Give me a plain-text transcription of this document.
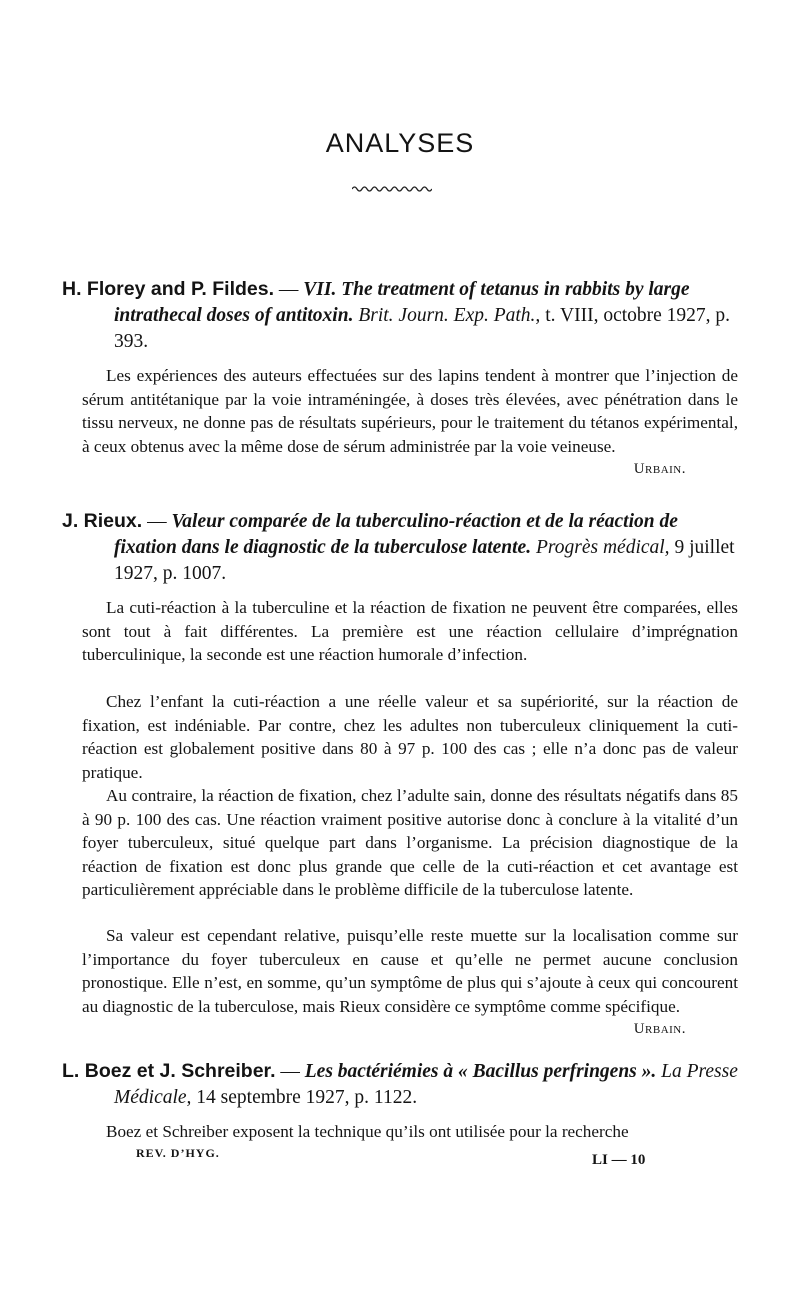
ANALYSES
H. Florey and P. Fildes. — VII. The treatment of tetanus in rabbits by large intrathecal doses of antitoxin. Brit. Journ. Exp. Path., t. VIII, octobre 1927, p. 393.
Les expériences des auteurs effectuées sur des lapins tendent à montrer que l’injection de sérum antitétanique par la voie intraméningée, à doses très élevées, avec pénétration dans le tissu nerveux, ne donne pas de résultats supérieurs, pour le traitement du tétanos expérimental, à ceux obtenus avec la même dose de sérum administrée par la voie veineuse.
Urbain.
J. Rieux. — Valeur comparée de la tuberculino-réaction et de la réaction de fixation dans le diagnostic de la tuberculose latente. Progrès médical, 9 juillet 1927, p. 1007.
La cuti-réaction à la tuberculine et la réaction de fixation ne peuvent être comparées, elles sont tout à fait différentes. La première est une réaction cellulaire d’imprégnation tuberculinique, la seconde est une réaction humorale d’infection.
Chez l’enfant la cuti-réaction a une réelle valeur et sa supériorité, sur la réaction de fixation, est indéniable. Par contre, chez les adultes non tuberculeux cliniquement la cuti-réaction est globalement positive dans 80 à 97 p. 100 des cas ; elle n’a donc pas de valeur pratique.
Au contraire, la réaction de fixation, chez l’adulte sain, donne des résultats négatifs dans 85 à 90 p. 100 des cas. Une réaction vraiment positive autorise donc à conclure à la vitalité d’un foyer tuberculeux, situé quelque part dans l’organisme. La précision diagnostique de la réaction de fixation est donc plus grande que celle de la cuti-réaction et cet avantage est particulièrement appréciable dans le problème difficile de la tuberculose latente.
Sa valeur est cependant relative, puisqu’elle reste muette sur la localisation comme sur l’importance du foyer tuberculeux en cause et qu’elle ne permet aucune conclusion pronostique. Elle n’est, en somme, qu’un symptôme de plus qui s’ajoute à ceux qui concourent au diagnostic de la tuberculose, mais Rieux considère ce symptôme comme spécifique.
Urbain.
L. Boez et J. Schreiber. — Les bactériémies à « Bacillus perfringens ». La Presse Médicale, 14 septembre 1927, p. 1122.
Boez et Schreiber exposent la technique qu’ils ont utilisée pour la recherche
REV. D’HYG.	LI — 10
